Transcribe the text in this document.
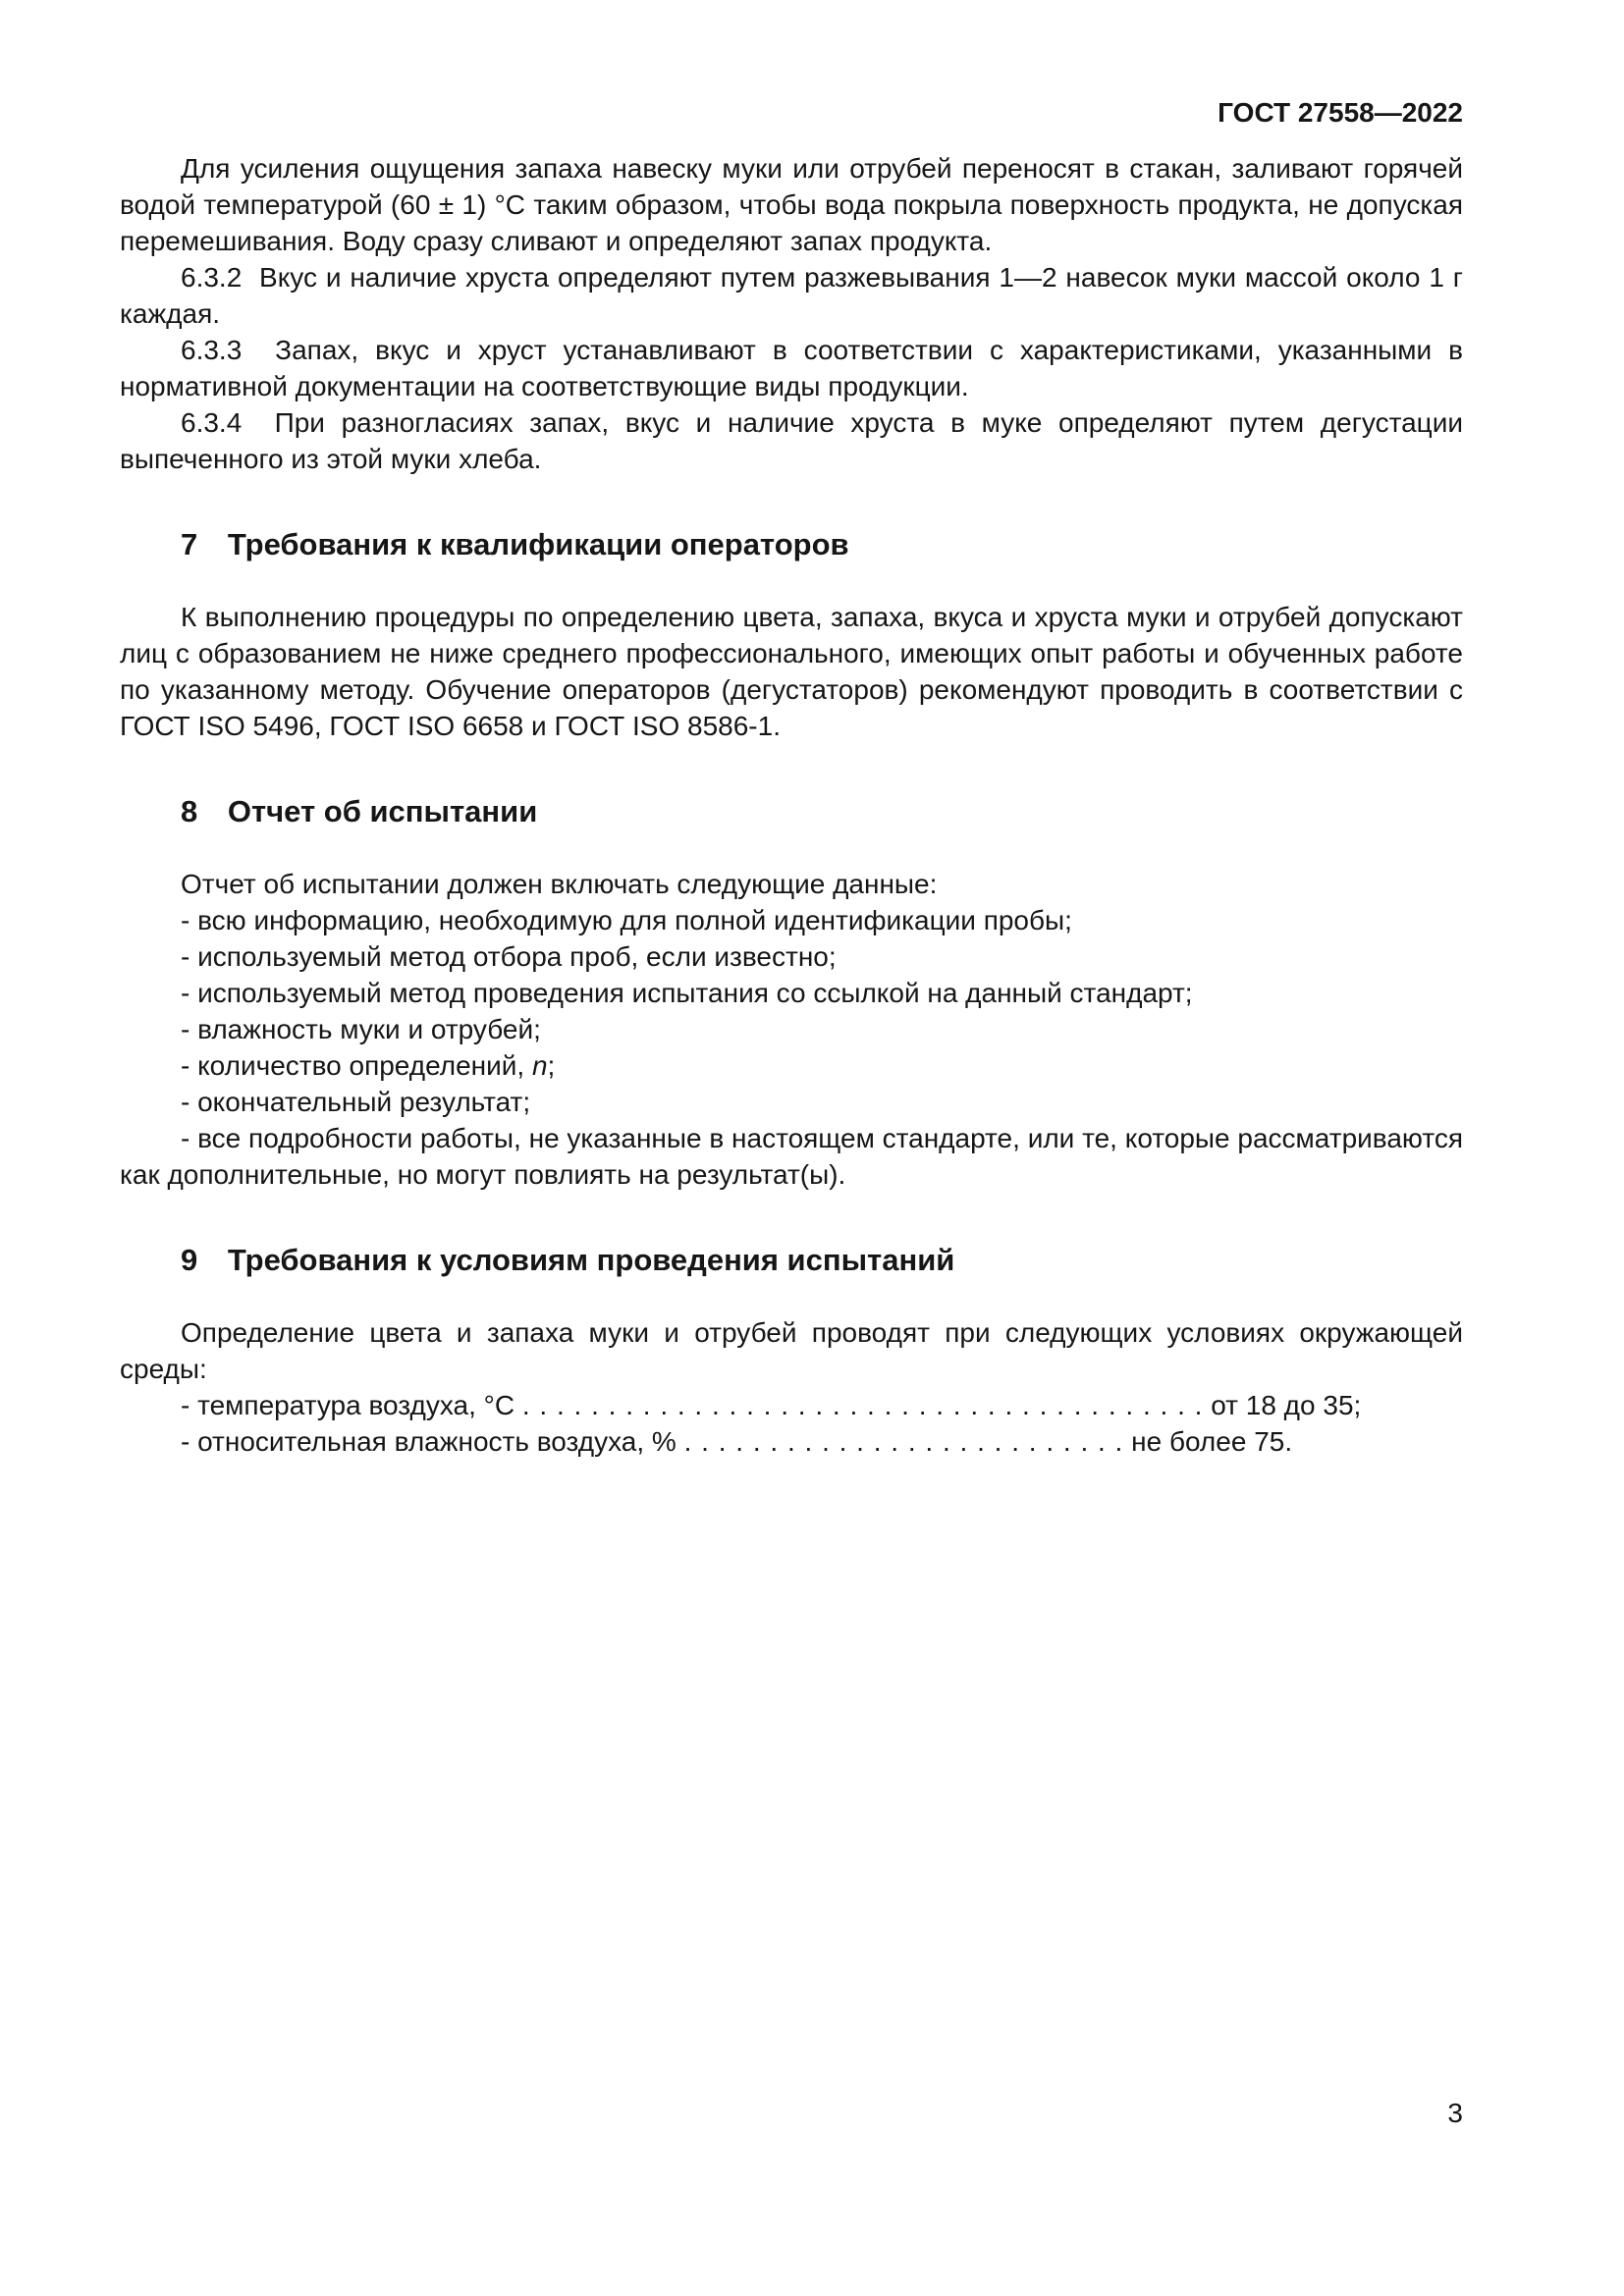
ГОСТ 27558—2022

Для усиления ощущения запаха навеску муки или отрубей переносят в стакан, заливают горячей водой температурой (60 ± 1) °С таким образом, чтобы вода покрыла поверхность продукта, не допуская перемешивания. Воду сразу сливают и определяют запах продукта.

6.3.2  Вкус и наличие хруста определяют путем разжевывания 1—2 навесок муки массой около 1 г каждая.

6.3.3  Запах, вкус и хруст устанавливают в соответствии с характеристиками, указанными в нормативной документации на соответствующие виды продукции.

6.3.4  При разногласиях запах, вкус и наличие хруста в муке определяют путем дегустации выпеченного из этой муки хлеба.

7 Требования к квалификации операторов

К выполнению процедуры по определению цвета, запаха, вкуса и хруста муки и отрубей допускают лиц с образованием не ниже среднего профессионального, имеющих опыт работы и обученных работе по указанному методу. Обучение операторов (дегустаторов) рекомендуют проводить в соответствии с ГОСТ ISO 5496, ГОСТ ISO 6658 и ГОСТ ISO 8586-1.

8 Отчет об испытании

Отчет об испытании должен включать следующие данные:

- всю информацию, необходимую для полной идентификации пробы;

- используемый метод отбора проб, если известно;

- используемый метод проведения испытания со ссылкой на данный стандарт;

- влажность муки и отрубей;

- количество определений, n;

- окончательный результат;

- все подробности работы, не указанные в настоящем стандарте, или те, которые рассматриваются как дополнительные, но могут повлиять на результат(ы).

9 Требования к условиям проведения испытаний

Определение цвета и запаха муки и отрубей проводят при следующих условиях окружающей среды:

- температура воздуха, °С . . . . . . . . . . . . . . . . . . . . . . . . . . . . . . . . . . . . . . . . от 18 до 35;

- относительная влажность воздуха, % . . . . . . . . . . . . . . . . . . . . . . . . . . не более 75.

3
